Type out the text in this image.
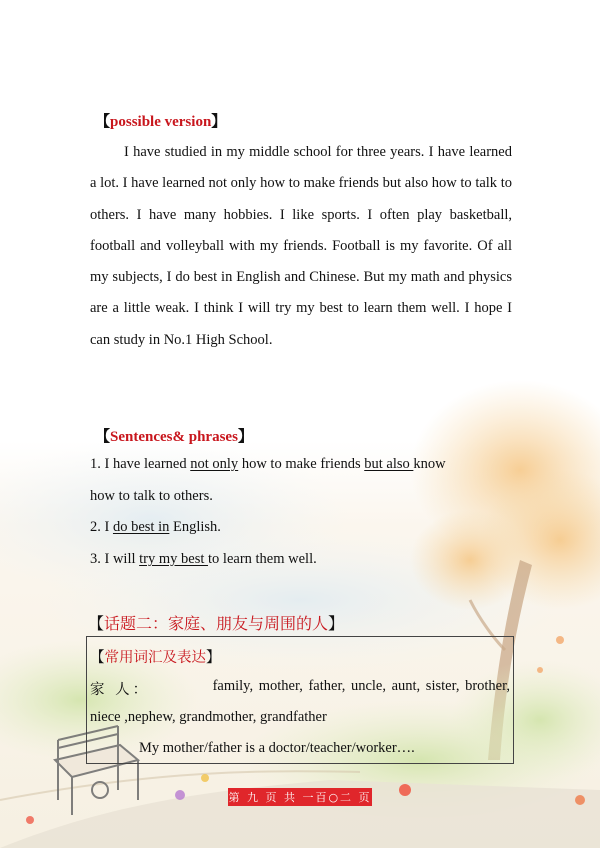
【possible version】
I have studied in my middle school for three years. I have learned a lot. I have learned not only how to make friends but also how to talk to others. I have many hobbies. I like sports. I often play basketball, football and volleyball with my friends. Football is my favorite. Of all my subjects, I do best in English and Chinese. But my math and physics are a little weak. I think I will try my best to learn them well. I hope I can study in No.1 High School.
【Sentences& phrases】
1. I have learned not only how to make friends but also know
how to talk to others.
2. I do best in English.
3. I will try my best to learn them well.
【话题二：家庭、朋友与周围的人】
【常用词汇及表达】
家 人：	family, mother, father, uncle, aunt, sister, brother,
niece ,nephew, grandmother, grandfather
My mother/father is a doctor/teacher/worker….
第 九 页 共 一百○二 页
